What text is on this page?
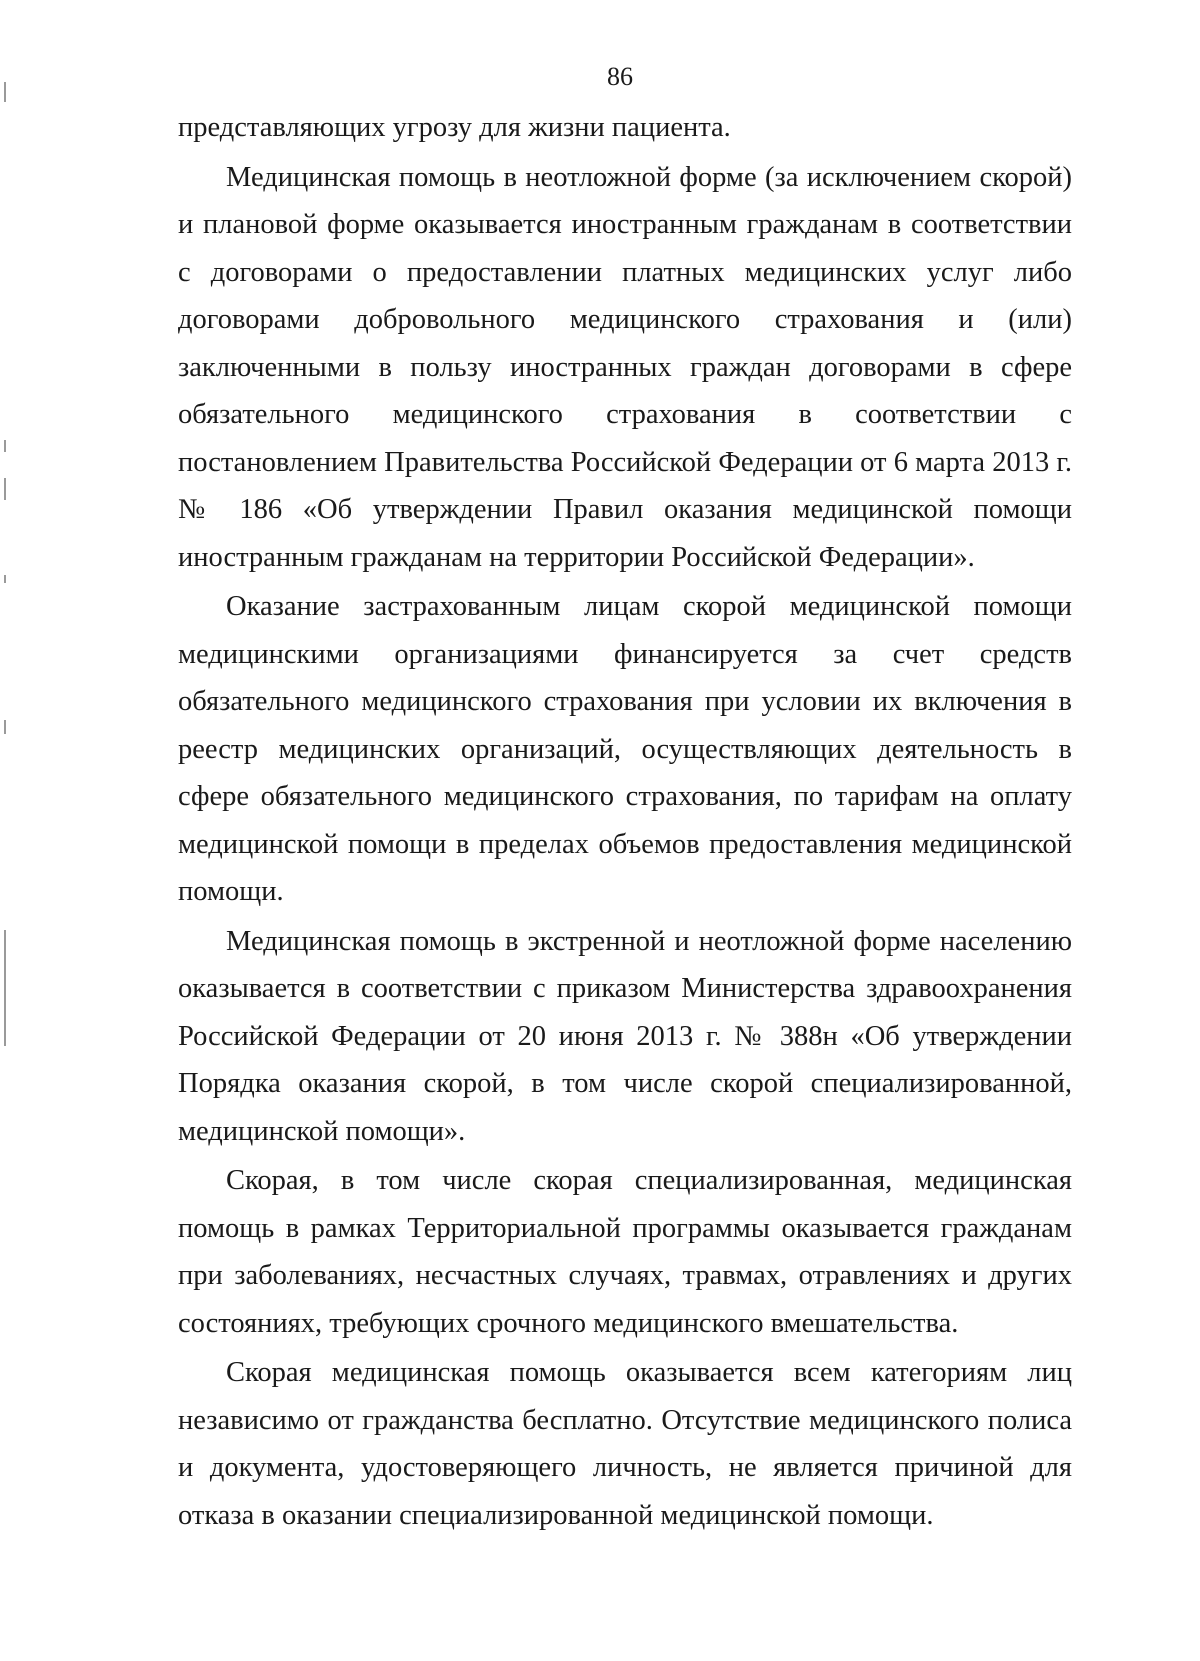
86

представляющих угрозу для жизни пациента.

Медицинская помощь в неотложной форме (за исключением скорой) и плановой форме оказывается иностранным гражданам в соответствии с договорами о предоставлении платных медицинских услуг либо договорами добровольного медицинского страхования и (или) заключенными в пользу иностранных граждан договорами в сфере обязательного медицинского страхования в соответствии с постановлением Правительства Российской Федерации от 6 марта 2013 г. № 186 «Об утверждении Правил оказания медицинской помощи иностранным гражданам на территории Российской Федерации».

Оказание застрахованным лицам скорой медицинской помощи медицинскими организациями финансируется за счет средств обязательного медицинского страхования при условии их включения в реестр медицинских организаций, осуществляющих деятельность в сфере обязательного медицинского страхования, по тарифам на оплату медицинской помощи в пределах объемов предоставления медицинской помощи.

Медицинская помощь в экстренной и неотложной форме населению оказывается в соответствии с приказом Министерства здравоохранения Российской Федерации от 20 июня 2013 г. № 388н «Об утверждении Порядка оказания скорой, в том числе скорой специализированной, медицинской помощи».

Скорая, в том числе скорая специализированная, медицинская помощь в рамках Территориальной программы оказывается гражданам при заболеваниях, несчастных случаях, травмах, отравлениях и других состояниях, требующих срочного медицинского вмешательства.

Скорая медицинская помощь оказывается всем категориям лиц независимо от гражданства бесплатно. Отсутствие медицинского полиса и документа, удостоверяющего личность, не является причиной для отказа в оказании специализированной медицинской помощи.
